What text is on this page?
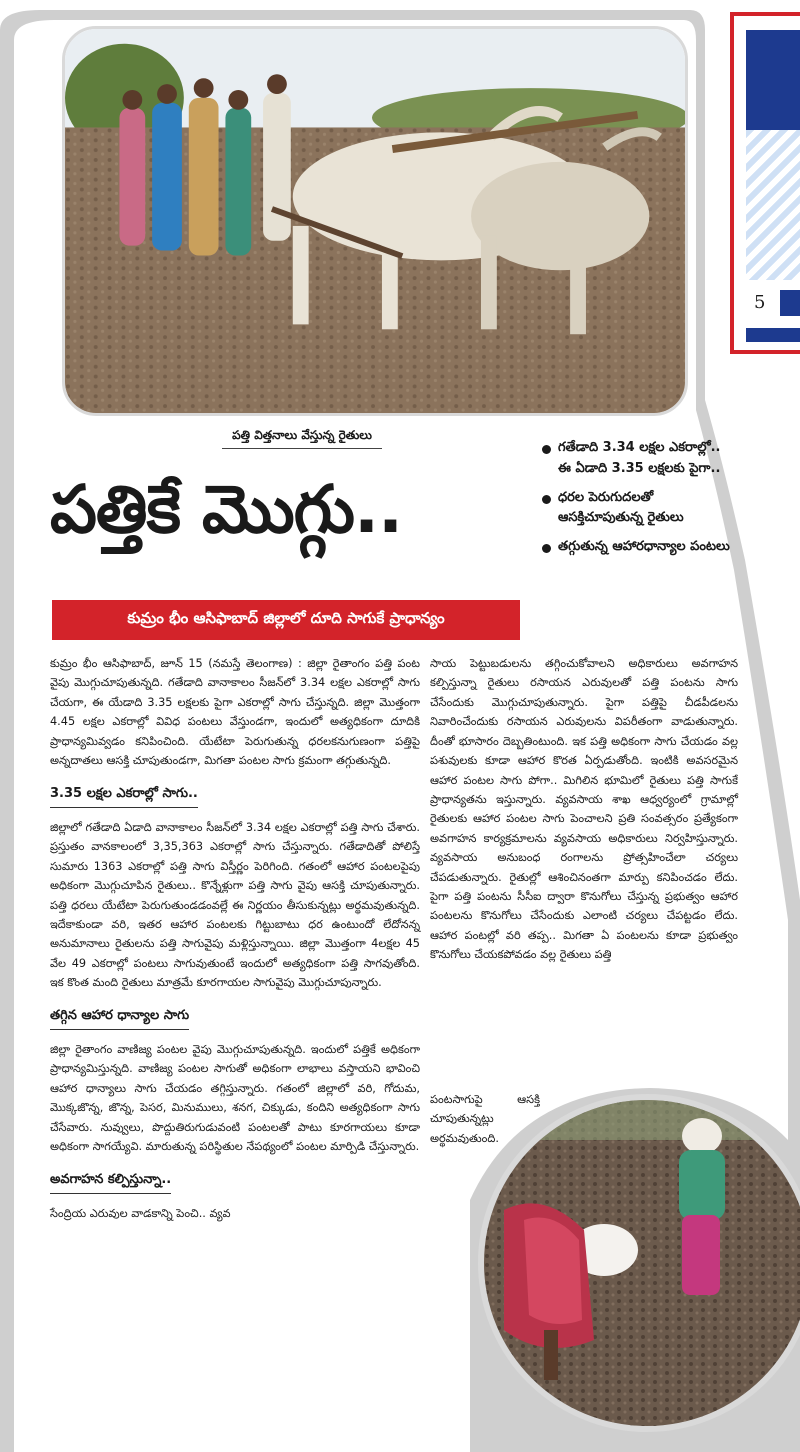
5
పత్తి విత్తనాలు వేస్తున్న రైతులు
పత్తికే మొగ్గు..
కుమ్రం భీం ఆసిఫాబాద్ జిల్లాలో దూది సాగుకే ప్రాధాన్యం
గతేడాది 3.34 లక్షల ఎకరాల్లో.. ఈ ఏడాది 3.35 లక్షలకు పైగా..
ధరల పెరుగుదలతో ఆసక్తిచూపుతున్న రైతులు
తగ్గుతున్న ఆహారధాన్యాల పంటలు

కుమ్రం భీం ఆసిఫాబాద్, జూన్ 15 (నమస్తే తెలంగాణ) : జిల్లా రైతాంగం పత్తి పంట వైపు మొగ్గుచూపుతున్నది. గతేడాది వానాకాలం సీజన్‌లో 3.34 లక్షల ఎకరాల్లో సాగు చేయగా, ఈ యేడాది 3.35 లక్షలకు పైగా ఎకరాల్లో సాగు చేస్తున్నది. జిల్లా మొత్తంగా 4.45 లక్షల ఎకరాల్లో వివిధ పంటలు వేస్తుండగా, ఇందులో అత్యధికంగా దూదికి ప్రాధాన్యమివ్వడం కనిపించింది. యేటేటా పెరుగుతున్న ధరలకనుగుణంగా పత్తిపై అన్నదాతలు ఆసక్తి చూపుతుండగా, మిగతా పంటల సాగు క్రమంగా తగ్గుతున్నది.

3.35 లక్షల ఎకరాల్లో సాగు..

జిల్లాలో గతేడాది ఏడాది వానాకాలం సీజన్‌లో 3.34 లక్షల ఎకరాల్లో పత్తి సాగు చేశారు. ప్రస్తుతం వానకాలంలో 3,35,363 ఎకరాల్లో సాగు చేస్తున్నారు. గతేడాదితో పోలిస్తే సుమారు 1363 ఎకరాల్లో పత్తి సాగు విస్తీర్ణం పెరిగింది. గతంలో ఆహార పంటలపైపు అధికంగా మొగ్గుచూపిన రైతులు.. కొన్నేళ్లుగా పత్తి సాగు వైపు ఆసక్తి చూపుతున్నారు. పత్తి ధరలు యేటేటా పెరుగుతుండడంవల్లే ఈ నిర్ణయం తీసుకున్నట్లు అర్థమవుతున్నది. ఇదేకాకుండా వరి, ఇతర ఆహార పంటలకు గిట్టుబాటు ధర ఉంటుందో లేదోనన్న అనుమానాలు రైతులను పత్తి సాగువైపు మళ్లిస్తున్నాయి. జిల్లా మొత్తంగా 4లక్షల 45 వేల 49 ఎకరాల్లో పంటలు సాగువుతుంటే ఇందులో అత్యధికంగా పత్తి సాగవుతోంది. ఇక కొంత మంది రైతులు మాత్రమే కూరగాయల సాగువైపు మొగ్గుచూపున్నారు.

తగ్గిన ఆహార ధాన్యాల సాగు

జిల్లా రైతాంగం వాణిజ్య పంటల వైపు మొగ్గుచూపుతున్నది. ఇందులో పత్తికే అధికంగా ప్రాధాన్యమిస్తున్నది. వాణిజ్య పంటల సాగుతో అధికంగా లాభాలు వస్తాయని భావించి ఆహార ధాన్యాలు సాగు చేయడం తగ్గిస్తున్నారు. గతంలో జిల్లాలో వరి, గోదుమ, మొక్కజొన్న, జొన్న, పెసర, మినుములు, శనగ, చిక్కుడు, కందిని అత్యధికంగా సాగు చేసేవారు. నువ్వులు, పొద్దుతిరుగుడువంటి పంటలతో పాటు కూరగాయలు కూడా అధికంగా సాగయ్యేవి. మారుతున్న పరిస్థితుల నేపథ్యంలో పంటల మార్పిడి చేస్తున్నారు.

అవగాహన కల్పిస్తున్నా..

సేంద్రియ ఎరువుల వాడకాన్ని పెంచి.. వ్యవ

సాయ పెట్టుబడులను తగ్గించుకోవాలని అధికారులు అవగాహన కల్పిస్తున్నా రైతులు రసాయన ఎరువులతో పత్తి పంటను సాగు చేసేందుకు మొగ్గుచూపుతున్నారు. పైగా పత్తిపై చీడపీడలను నివారించేందుకు రసాయన ఎరువులను విపరీతంగా వాడుతున్నారు. దీంతో భూసారం దెబ్బతింటుంది. ఇక పత్తి అధికంగా సాగు చేయడం వల్ల పశువులకు కూడా ఆహార కొరత ఏర్పడుతోంది. ఇంటికి అవసరమైన ఆహార పంటల సాగు పోగా.. మిగిలిన భూమిలో రైతులు పత్తి సాగుకే ప్రాధాన్యతను ఇస్తున్నారు. వ్యవసాయ శాఖ ఆధ్వర్యంలో గ్రామాల్లో రైతులకు ఆహార పంటల సాగు పెంచాలని ప్రతి సంవత్సరం ప్రత్యేకంగా అవగాహన కార్యక్రమాలను వ్యవసాయ అధికారులు నిర్వహిస్తున్నారు. వ్యవసాయ అనుబంధ రంగాలను ప్రోత్సహించేలా చర్యలు చేపడుతున్నారు. రైతుల్లో ఆశించినంతగా మార్పు కనిపించడం లేదు. పైగా పత్తి పంటను సీసీఐ ద్వారా కొనుగోలు చేస్తున్న ప్రభుత్వం ఆహార పంటలను కొనుగోలు చేసేందుకు ఎలాంటి చర్యలు చేపట్టడం లేదు. ఆహార పంటల్లో వరి తప్ప.. మిగతా ఏ పంటలను కూడా ప్రభుత్వం కొనుగోలు చేయకపోవడం వల్ల రైతులు పత్తి

పంటసాగుపై ఆసక్తి చూపుతున్నట్లు అర్థమవుతుంది.
